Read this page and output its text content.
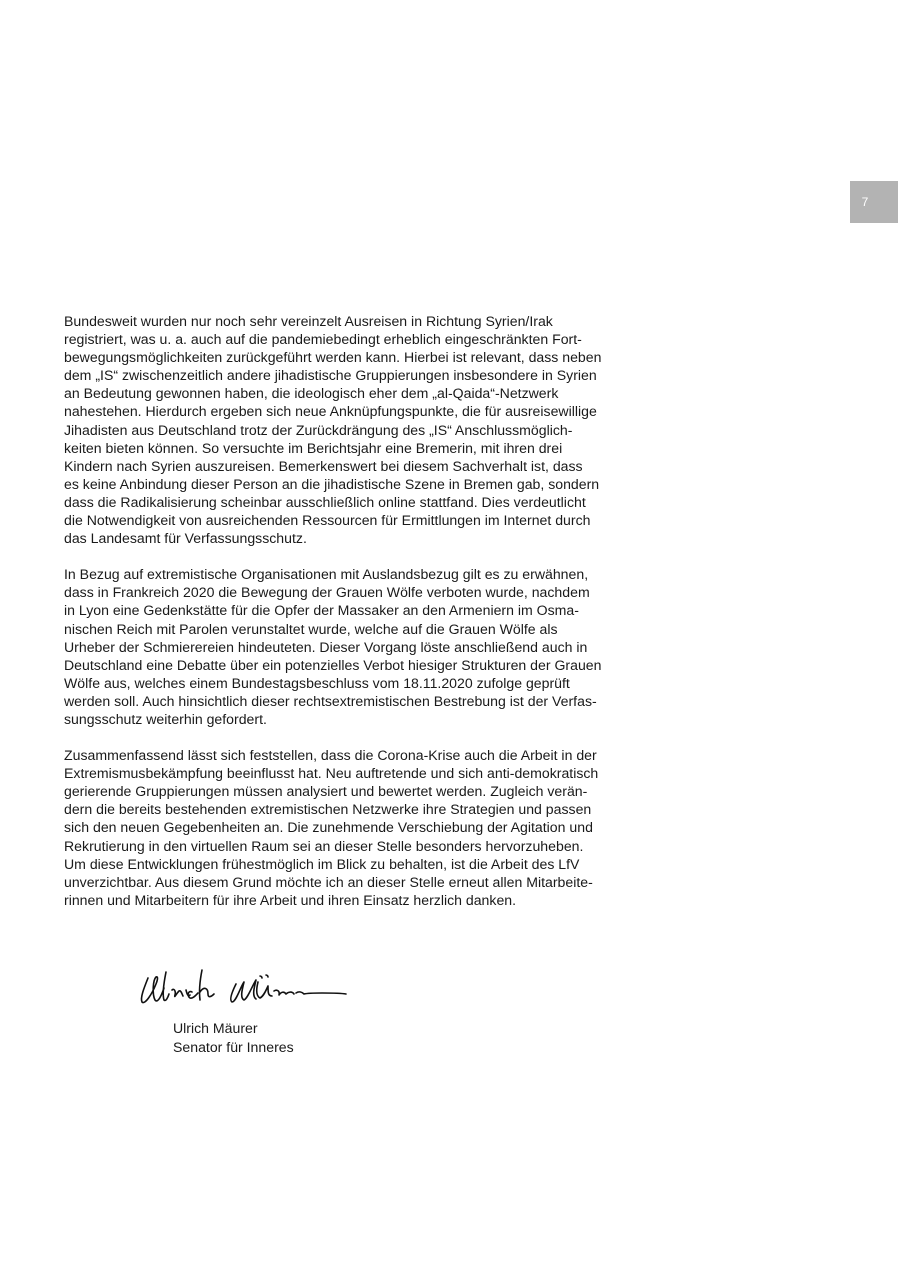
7
Bundesweit wurden nur noch sehr vereinzelt Ausreisen in Richtung Syrien/Irak
registriert, was u. a. auch auf die pandemiebedingt erheblich eingeschränkten Fort-
bewegungsmöglichkeiten zurückgeführt werden kann. Hierbei ist relevant, dass neben
dem „IS“ zwischenzeitlich andere jihadistische Gruppierungen insbesondere in Syrien
an Bedeutung gewonnen haben, die ideologisch eher dem „al-Qaida“-Netzwerk
nahestehen. Hierdurch ergeben sich neue Anknüpfungspunkte, die für ausreisewillige
Jihadisten aus Deutschland trotz der Zurückdrängung des „IS“ Anschlussmöglich-
keiten bieten können. So versuchte im Berichtsjahr eine Bremerin, mit ihren drei
Kindern nach Syrien auszureisen. Bemerkenswert bei diesem Sachverhalt ist, dass
es keine Anbindung dieser Person an die jihadistische Szene in Bremen gab, sondern
dass die Radikalisierung scheinbar ausschließlich online stattfand. Dies verdeutlicht
die Notwendigkeit von ausreichenden Ressourcen für Ermittlungen im Internet durch
das Landesamt für Verfassungsschutz.
In Bezug auf extremistische Organisationen mit Auslandsbezug gilt es zu erwähnen,
dass in Frankreich 2020 die Bewegung der Grauen Wölfe verboten wurde, nachdem
in Lyon eine Gedenkstätte für die Opfer der Massaker an den Armeniern im Osma-
nischen Reich mit Parolen verunstaltet wurde, welche auf die Grauen Wölfe als
Urheber der Schmierereien hindeuteten. Dieser Vorgang löste anschließend auch in
Deutschland eine Debatte über ein potenzielles Verbot hiesiger Strukturen der Grauen
Wölfe aus, welches einem Bundestagsbeschluss vom 18.11.2020 zufolge geprüft
werden soll. Auch hinsichtlich dieser rechtsextremistischen Bestrebung ist der Verfas-
sungsschutz weiterhin gefordert.
Zusammenfassend lässt sich feststellen, dass die Corona-Krise auch die Arbeit in der
Extremismusbekämpfung beeinflusst hat. Neu auftretende und sich anti-demokratisch
gerierende Gruppierungen müssen analysiert und bewertet werden. Zugleich verän-
dern die bereits bestehenden extremistischen Netzwerke ihre Strategien und passen
sich den neuen Gegebenheiten an. Die zunehmende Verschiebung der Agitation und
Rekrutierung in den virtuellen Raum sei an dieser Stelle besonders hervorzuheben.
Um diese Entwicklungen frühestmöglich im Blick zu behalten, ist die Arbeit des LfV
unverzichtbar. Aus diesem Grund möchte ich an dieser Stelle erneut allen Mitarbeite-
rinnen und Mitarbeitern für ihre Arbeit und ihren Einsatz herzlich danken.
Ulrich Mäurer
Senator für Inneres
